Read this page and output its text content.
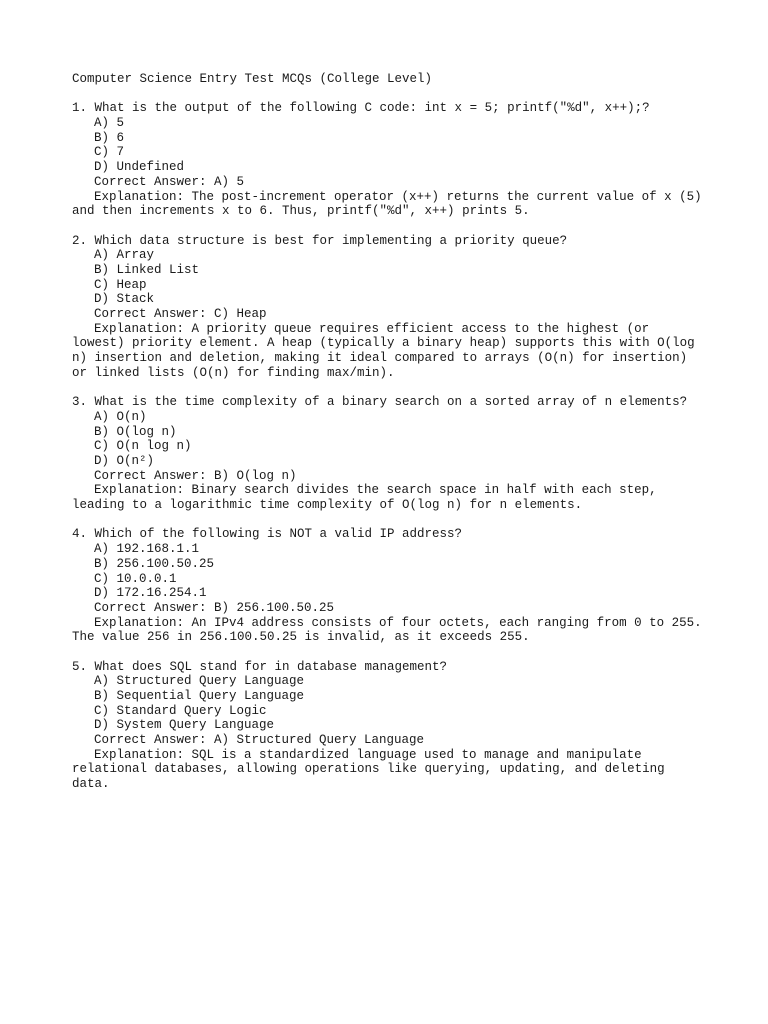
Computer Science Entry Test MCQs (College Level)
1. What is the output of the following C code: int x = 5; printf("%d", x++);?
A) 5
B) 6
C) 7
D) Undefined
Correct Answer: A) 5
Explanation: The post-increment operator (x++) returns the current value of x (5) and then increments x to 6. Thus, printf("%d", x++) prints 5.
2. Which data structure is best for implementing a priority queue?
A) Array
B) Linked List
C) Heap
D) Stack
Correct Answer: C) Heap
Explanation: A priority queue requires efficient access to the highest (or lowest) priority element. A heap (typically a binary heap) supports this with O(log n) insertion and deletion, making it ideal compared to arrays (O(n) for insertion) or linked lists (O(n) for finding max/min).
3. What is the time complexity of a binary search on a sorted array of n elements?
A) O(n)
B) O(log n)
C) O(n log n)
D) O(n²)
Correct Answer: B) O(log n)
Explanation: Binary search divides the search space in half with each step, leading to a logarithmic time complexity of O(log n) for n elements.
4. Which of the following is NOT a valid IP address?
A) 192.168.1.1
B) 256.100.50.25
C) 10.0.0.1
D) 172.16.254.1
Correct Answer: B) 256.100.50.25
Explanation: An IPv4 address consists of four octets, each ranging from 0 to 255. The value 256 in 256.100.50.25 is invalid, as it exceeds 255.
5. What does SQL stand for in database management?
A) Structured Query Language
B) Sequential Query Language
C) Standard Query Logic
D) System Query Language
Correct Answer: A) Structured Query Language
Explanation: SQL is a standardized language used to manage and manipulate relational databases, allowing operations like querying, updating, and deleting data.
